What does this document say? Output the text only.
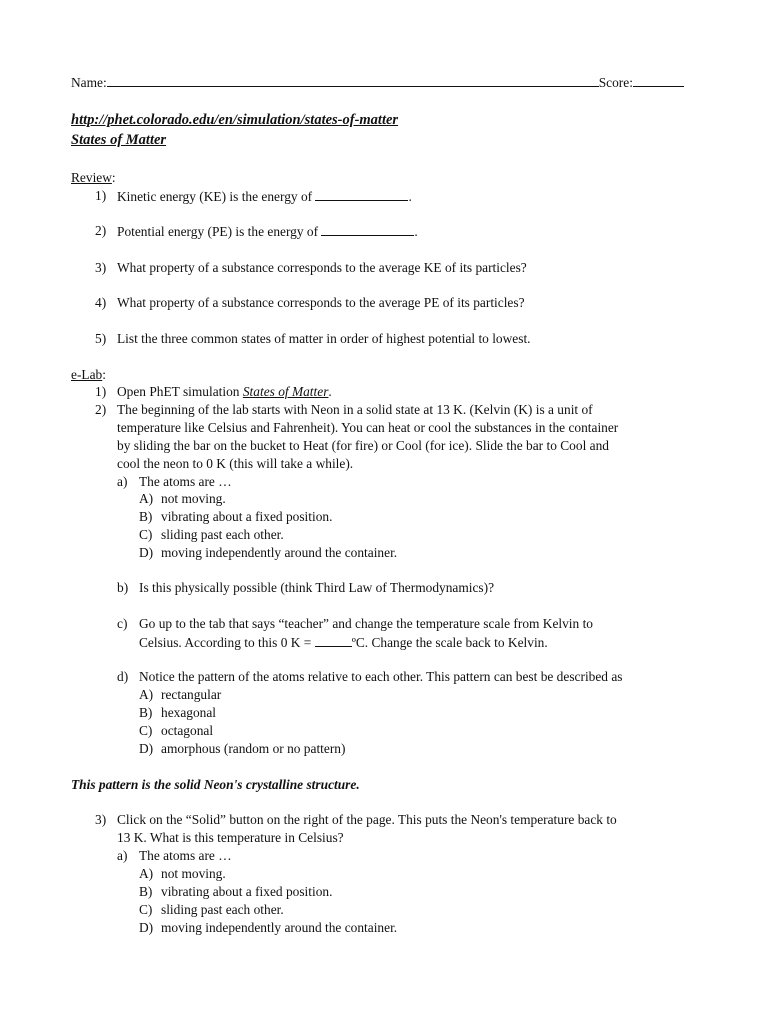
Name:	Score:
http://phet.colorado.edu/en/simulation/states-of-matter
States of Matter
Review:
1) Kinetic energy (KE) is the energy of	.
2) Potential energy (PE) is the energy of	.
3) What property of a substance corresponds to the average KE of its particles?
4) What property of a substance corresponds to the average PE of its particles?
5) List the three common states of matter in order of highest potential to lowest.
e-Lab:
1) Open PhET simulation States of Matter.
2) The beginning of the lab starts with Neon in a solid state at 13 K. (Kelvin (K) is a unit of
temperature like Celsius and Fahrenheit). You can heat or cool the substances in the container
by sliding the bar on the bucket to Heat (for fire) or Cool (for ice). Slide the bar to Cool and
cool the neon to 0 K (this will take a while).
a) The atoms are …
A) not moving.
B) vibrating about a fixed position.
C) sliding past each other.
D) moving independently around the container.
b) Is this physically possible (think Third Law of Thermodynamics)?
c) Go up to the tab that says “teacher” and change the temperature scale from Kelvin to
Celsius. According to this 0 K =	ºC. Change the scale back to Kelvin.
d) Notice the pattern of the atoms relative to each other. This pattern can best be described as
A) rectangular
B) hexagonal
C) octagonal
D) amorphous (random or no pattern)
This pattern is the solid Neon's crystalline structure.
3) Click on the “Solid” button on the right of the page. This puts the Neon's temperature back to
13 K. What is this temperature in Celsius?
a) The atoms are …
A) not moving.
B) vibrating about a fixed position.
C) sliding past each other.
D) moving independently around the container.
